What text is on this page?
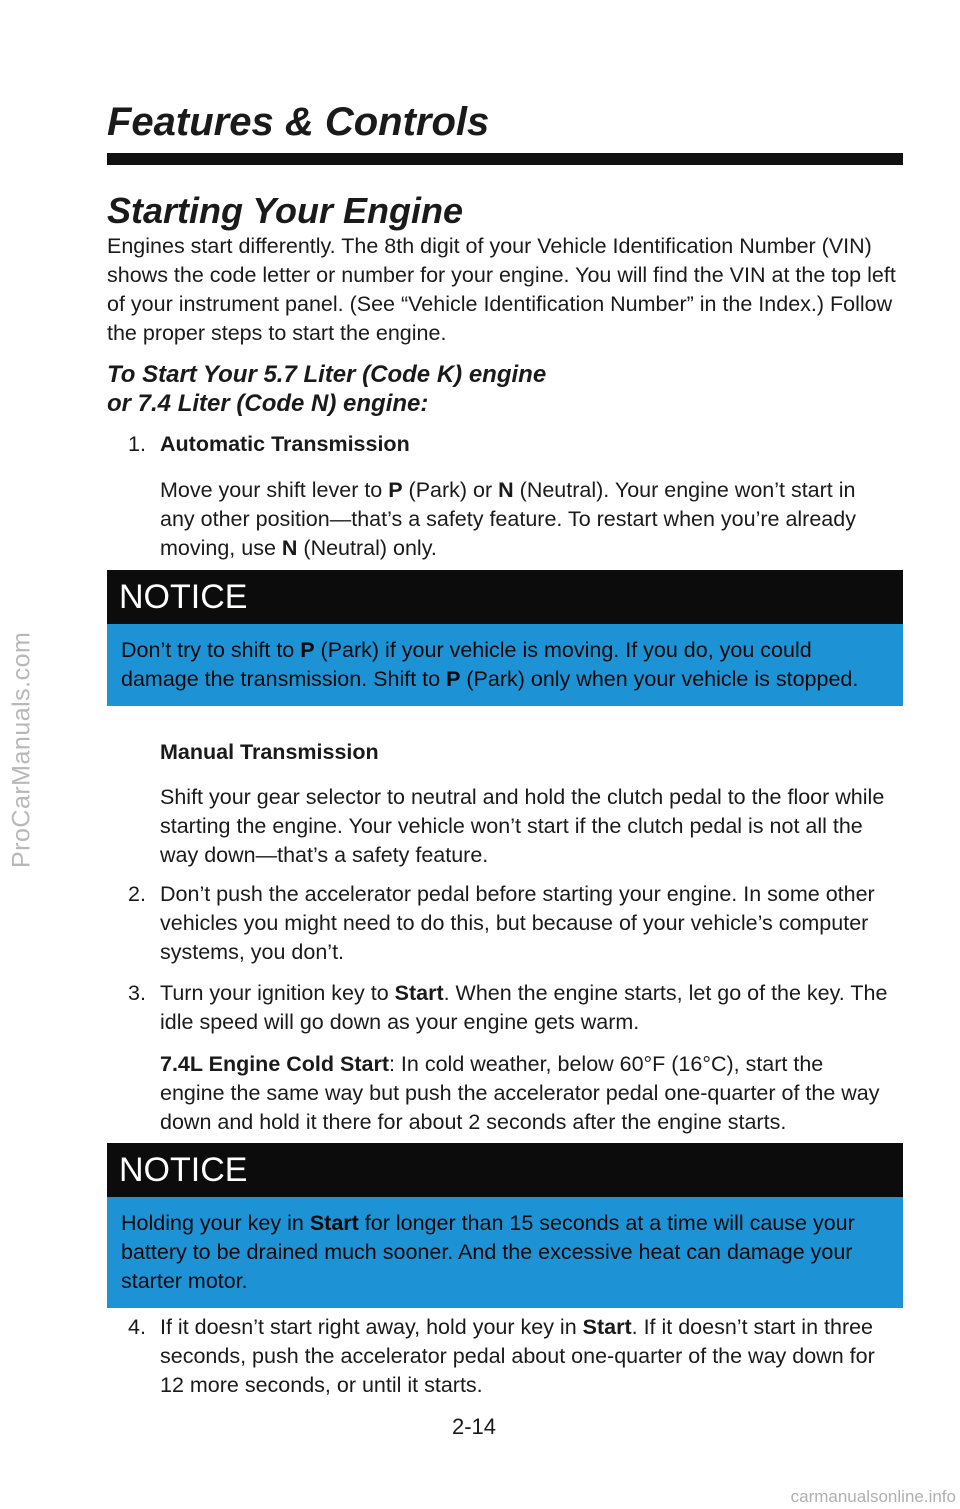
ProCarManuals.com
Features & Controls
Starting Your Engine

Engines start differently. The 8th digit of your Vehicle Identification Number (VIN) shows the code letter or number for your engine. You will find the VIN at the top left of your instrument panel. (See “Vehicle Identification Number” in the Index.) Follow the proper steps to start the engine.

To Start Your 5.7 Liter (Code K) engine
or 7.4 Liter (Code N) engine:
1. Automatic Transmission

Move your shift lever to P (Park) or N (Neutral). Your engine won’t start in any other position—that’s a safety feature. To restart when you’re already moving, use N (Neutral) only.

NOTICE
Don’t try to shift to P (Park) if your vehicle is moving. If you do, you could damage the transmission. Shift to P (Park) only when your vehicle is stopped.
Manual Transmission

Shift your gear selector to neutral and hold the clutch pedal to the floor while starting the engine. Your vehicle won’t start if the clutch pedal is not all the way down—that’s a safety feature.

2. Don’t push the accelerator pedal before starting your engine. In some other vehicles you might need to do this, but because of your vehicle’s computer systems, you don’t.

3. Turn your ignition key to Start. When the engine starts, let go of the key. The idle speed will go down as your engine gets warm.

7.4L Engine Cold Start: In cold weather, below 60°F (16°C), start the engine the same way but push the accelerator pedal one-quarter of the way down and hold it there for about 2 seconds after the engine starts.

NOTICE
Holding your key in Start for longer than 15 seconds at a time will cause your battery to be drained much sooner. And the excessive heat can damage your starter motor.
4. If it doesn’t start right away, hold your key in Start. If it doesn’t start in three seconds, push the accelerator pedal about one-quarter of the way down for 12 more seconds, or until it starts.

2-14
carmanualsonline.info
